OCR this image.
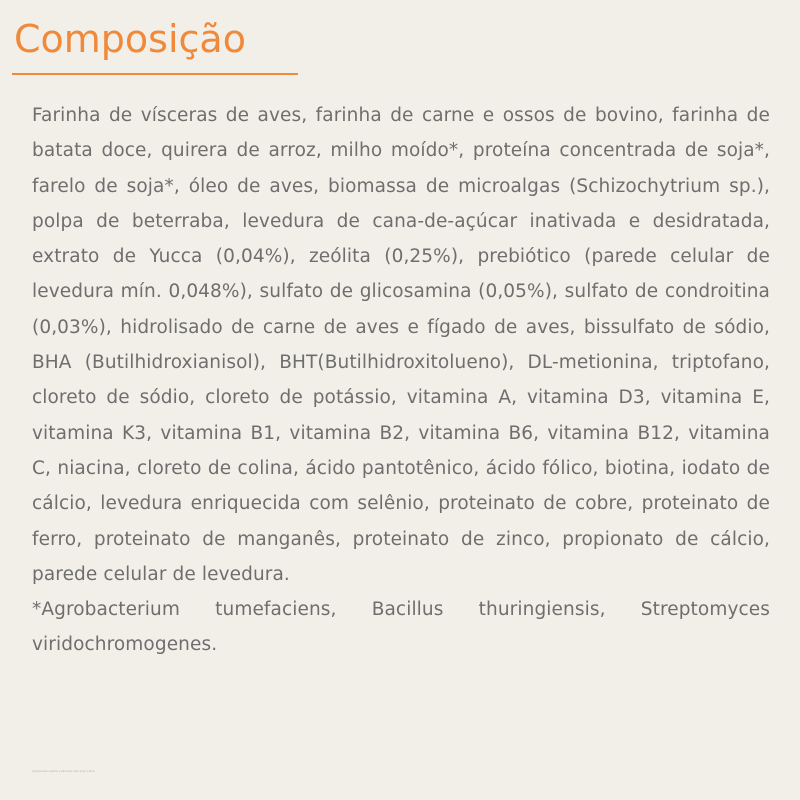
Composição

Farinha de vísceras de aves, farinha de carne e ossos de bovino, farinha de batata doce, quirera de arroz, milho moído*, proteína concentrada de soja*, farelo de soja*, óleo de aves, biomassa de microalgas (Schizochytrium sp.), polpa de beterraba, levedura de cana-de-açúcar inativada e desidratada, extrato de Yucca (0,04%), zeólita (0,25%), prebiótico (parede celular de levedura mín. 0,048%), sulfato de glicosamina (0,05%), sulfato de condroitina (0,03%), hidrolisado de carne de aves e fígado de aves, bissulfato de sódio, BHA (Butilhidroxianisol), BHT(Butilhidroxitolueno), DL-metionina, triptofano, cloreto de sódio, cloreto de potássio, vitamina A, vitamina D3, vitamina E, vitamina K3, vitamina B1, vitamina B2, vitamina B6, vitamina B12, vitamina C, niacina, cloreto de colina, ácido pantotênico, ácido fólico, biotina, iodato de cálcio, levedura enriquecida com selênio, proteinato de cobre, proteinato de ferro, proteinato de manganês, proteinato de zinco, propionato de cálcio, parede celular de levedura.

*Agrobacterium tumefaciens, Bacillus thuringiensis, Streptomyces viridochromogenes.

Ingredientes sujeitos a alteração sem aviso prévio
